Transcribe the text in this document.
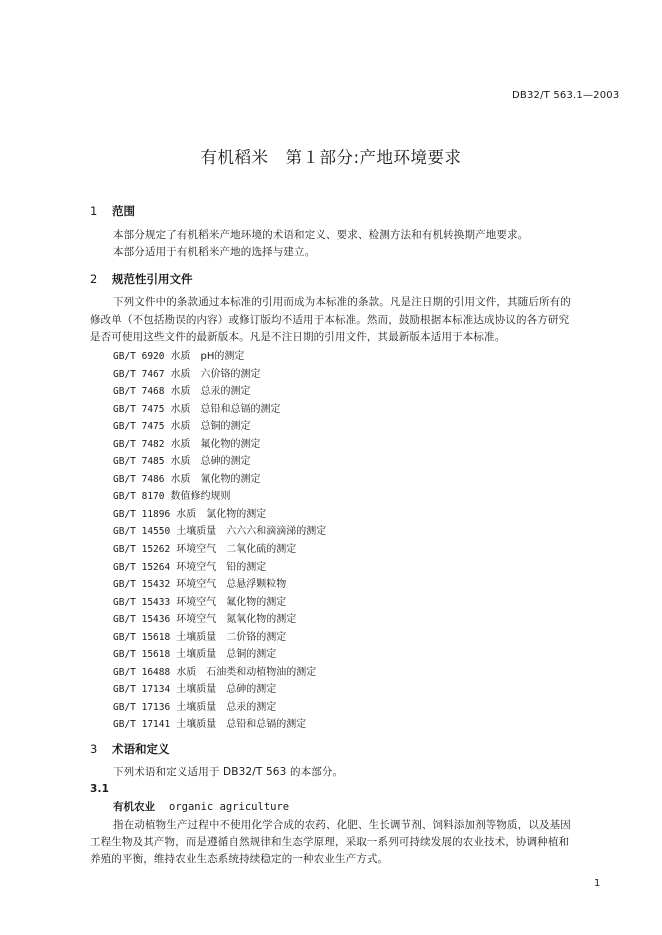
DB32/T 563.1—2003
有机稻米　第１部分:产地环境要求
1 范围
本部分规定了有机稻米产地环境的术语和定义、要求、检测方法和有机转换期产地要求。
本部分适用于有机稻米产地的选择与建立。
2 规范性引用文件
下列文件中的条款通过本标准的引用而成为本标准的条款。凡是注日期的引用文件，其随后所有的
修改单（不包括勘误的内容）或修订版均不适用于本标准。然而，鼓励根据本标准达成协议的各方研究
是否可使用这些文件的最新版本。凡是不注日期的引用文件，其最新版本适用于本标准。
GB/T 6920 水质　pH的测定
GB/T 7467 水质　六价铬的测定
GB/T 7468 水质　总汞的测定
GB/T 7475 水质　总铅和总镉的测定
GB/T 7475 水质　总铜的测定
GB/T 7482 水质　氟化物的测定
GB/T 7485 水质　总砷的测定
GB/T 7486 水质　氰化物的测定
GB/T 8170 数值修约规则
GB/T 11896 水质　氯化物的测定
GB/T 14550 土壤质量　六六六和滴滴涕的测定
GB/T 15262 环境空气　二氧化硫的测定
GB/T 15264 环境空气　铅的测定
GB/T 15432 环境空气　总悬浮颗粒物
GB/T 15433 环境空气　氟化物的测定
GB/T 15436 环境空气　氮氧化物的测定
GB/T 15618 土壤质量　二价铬的测定
GB/T 15618 土壤质量　总铜的测定
GB/T 16488 水质　石油类和动植物油的测定
GB/T 17134 土壤质量　总砷的测定
GB/T 17136 土壤质量　总汞的测定
GB/T 17141 土壤质量　总铅和总镉的测定
3 术语和定义
下列术语和定义适用于 DB32/T 563 的本部分。
3.1
有机农业 organic agriculture
指在动植物生产过程中不使用化学合成的农药、化肥、生长调节剂、饲料添加剂等物质，以及基因
工程生物及其产物，而是遵循自然规律和生态学原理，采取一系列可持续发展的农业技术，协调种植和
养殖的平衡，维持农业生态系统持续稳定的一种农业生产方式。
1
